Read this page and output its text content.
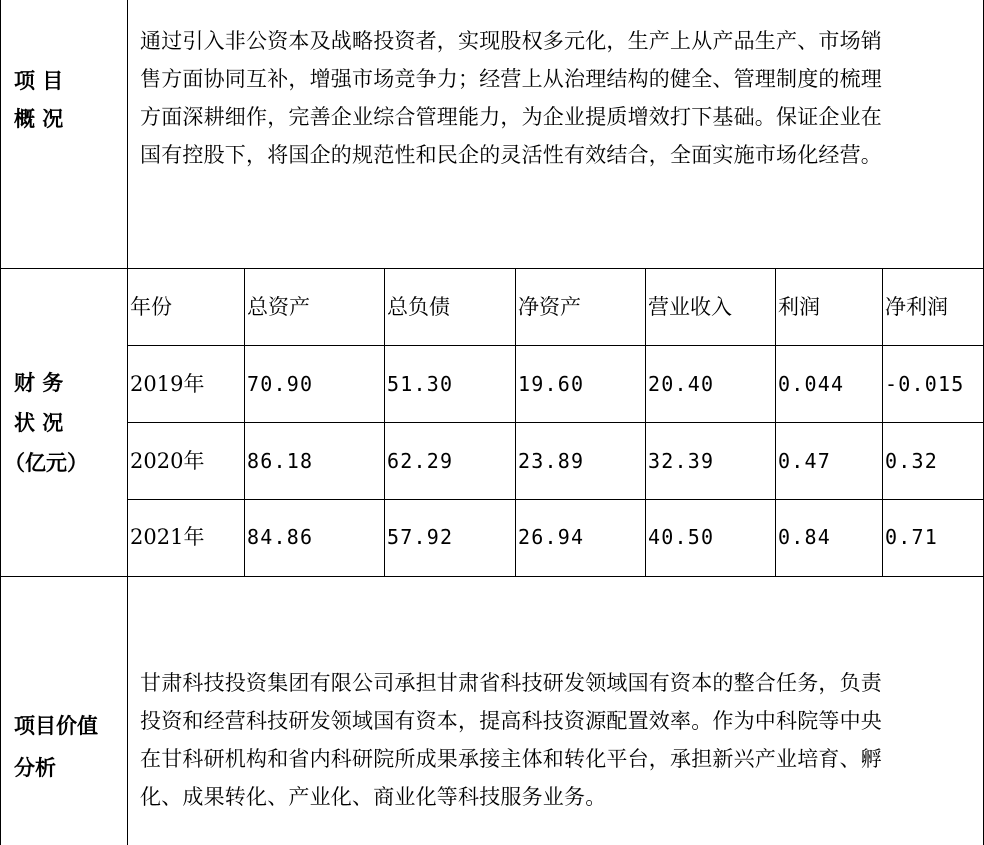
项 目
概 况
通过引入非公资本及战略投资者，实现股权多元化，生产上从产品生产、市场销
售方面协同互补，增强市场竞争力；经营上从治理结构的健全、管理制度的梳理
方面深耕细作，完善企业综合管理能力，为企业提质增效打下基础。保证企业在
国有控股下，将国企的规范性和民企的灵活性有效结合，全面实施市场化经营。
财 务
状 况
（亿元）
年份	总资产	总负债	净资产	营业收入 利润	净利润
2019年 70.90	51.30	19.60	20.40	0.044 -0.015
2020年 86.18	62.29	23.89	32.39	0.47	0.32
2021年 84.86	57.92	26.94	40.50	0.84	0.71
项目价值
分析
甘肃科技投资集团有限公司承担甘肃省科技研发领域国有资本的整合任务，负责
投资和经营科技研发领域国有资本，提高科技资源配置效率。作为中科院等中央
在甘科研机构和省内科研院所成果承接主体和转化平台，承担新兴产业培育、孵
化、成果转化、产业化、商业化等科技服务业务。
